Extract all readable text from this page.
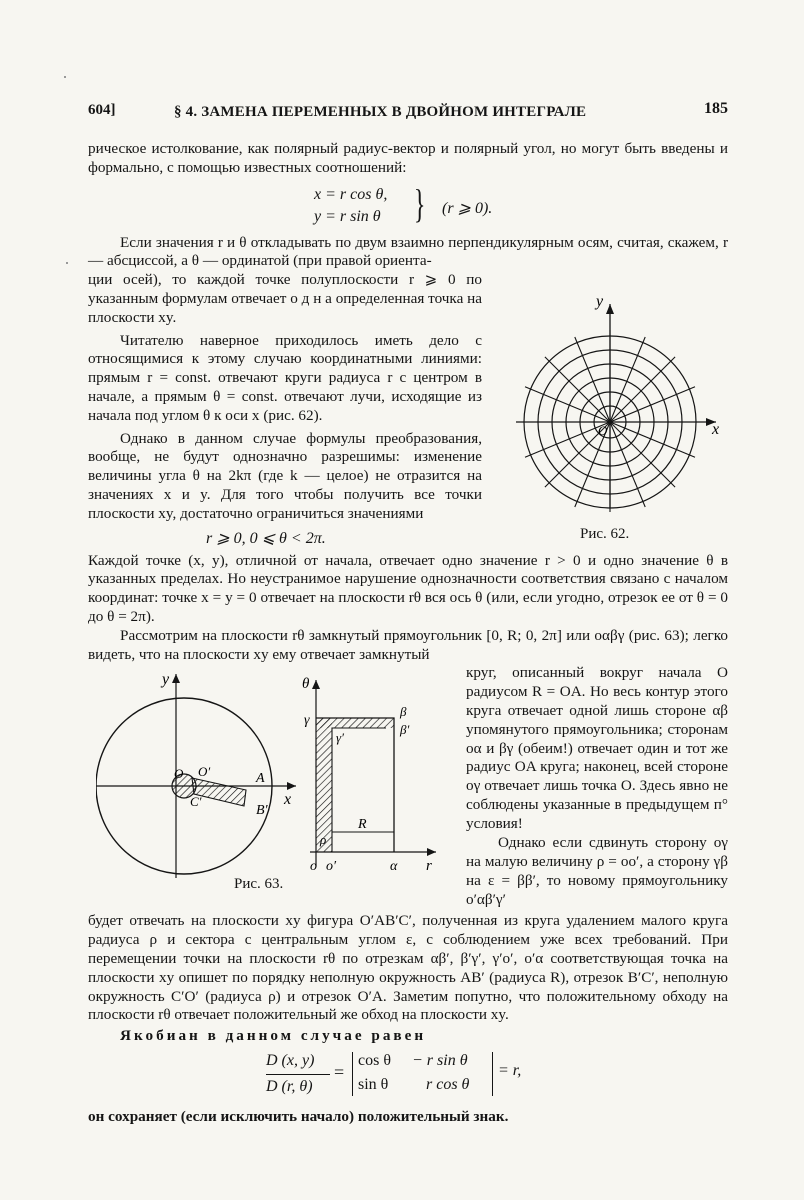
604]	§ 4. ЗАМЕНА ПЕРЕМЕННЫХ В ДВОЙНОМ ИНТЕГРАЛЕ	185

рическое истолкование, как полярный радиус-вектор и полярный угол, но могут быть введены и формально, с помощью известных соотношений:

x = r cos θ,
y = r sin θ } (r ⩾ 0).

Если значения r и θ откладывать по двум взаимно перпендикулярным осям, считая, скажем, r — абсциссой, а θ — ординатой (при правой ориента-

ции осей), то каждой точке полуплоскости r ⩾ 0 по указанным формулам отвечает о д н а определенная точка на плоскости xy.

Читателю наверное приходилось иметь дело с относящимися к этому случаю координатными линиями: прямым r = const. отвечают круги радиуса r с центром в начале, а прямым θ = const. отвечают лучи, исходящие из начала под углом θ к оси x (рис. 62).

Однако в данном случае формулы преобразования, вообще, не будут однозначно разрешимы: изменение величины угла θ на 2kπ (где k — целое) не отразится на значениях x и y. Для того чтобы получить все точки плоскости xy, достаточно ограничиться значениями

r ⩾ 0, 0 ⩽ θ < 2π.

Каждой точке (x, y), отличной от начала, отвечает одно значение r > 0 и одно значение θ в указанных пределах. Но неустранимое нарушение однозначности соответствия связано с началом координат: точке x = y = 0 отвечает на плоскости rθ вся ось θ (или, если угодно, отрезок ее от θ = 0 до θ = 2π).

Рассмотрим на плоскости rθ замкнутый прямоугольник [0, R; 0, 2π] или oαβγ (рис. 63); легко видеть, что на плоскости xy ему отвечает замкнутый

круг, описанный вокруг начала O радиусом R = OA. Но весь контур этого круга отвечает одной лишь стороне αβ упомянутого прямоугольника; сторонам oα и βγ (обеим!) отвечает один и тот же радиус OA круга; наконец, всей стороне oγ отвечает лишь точка O. Здесь явно не соблюдены указанные в предыдущем п° условия!

Однако если сдвинуть сторону oγ на малую величину ρ = oo′, а сторону γβ на ε = ββ′, то новому прямоугольнику o′αβ′γ′

будет отвечать на плоскости xy фигура O′AB′C′, полученная из круга удалением малого круга радиуса ρ и сектора с центральным углом ε, с соблюдением уже всех требований. При перемещении точки на плоскости rθ по отрезкам αβ′, β′γ′, γ′o′, o′α соответствующая точка на плоскости xy опишет по порядку неполную окружность AB′ (радиуса R), отрезок B′C′, неполную окружность C′O′ (радиуса ρ) и отрезок O′A. Заметим попутно, что положительному обходу на плоскости rθ отвечает положительный же обход на плоскости xy.

Якобиан в данном случае равен

D (x, y)
D (r, θ)
=
cos θ − r sin θ
sin θ r cos θ
= r,

он сохраняет (если исключить начало) положительный знак.

y
x
O
Рис. 62.
y
x
O O′
C′
A
B′
Рис. 63.
θ
r
γ
γ′
β
β′
ρ
R
o o′	α
